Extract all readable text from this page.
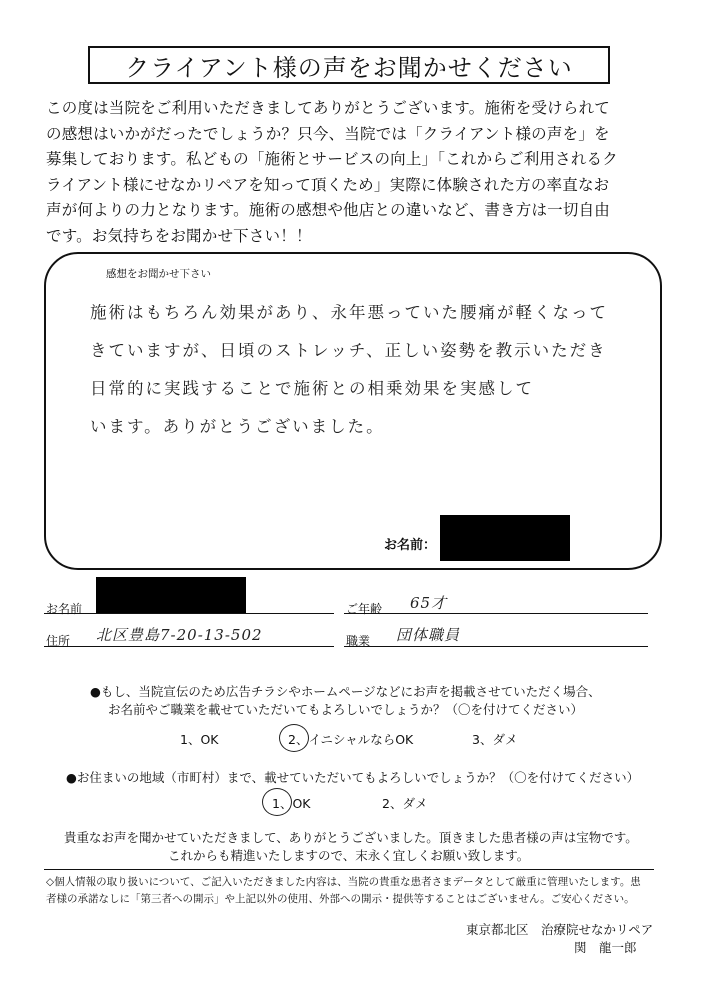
クライアント様の声をお聞かせください
この度は当院をご利用いただきましてありがとうございます。施術を受けられて
の感想はいかがだったでしょうか？只今、当院では「クライアント様の声を」を
募集しております。私どもの「施術とサービスの向上」「これからご利用されるク
ライアント様にせなかリペアを知って頂くため」実際に体験された方の率直なお
声が何よりの力となります。施術の感想や他店との違いなど、書き方は一切自由
です。お気持ちをお聞かせ下さい！！
感想をお聞かせ下さい
施術はもちろん効果があり、永年悪っていた腰痛が軽くなって
きていますが、日頃のストレッチ、正しい姿勢を教示いただき
日常的に実践することで施術との相乗効果を実感して
います。ありがとうございました。
お名前：
お名前	ご年齢 65才
住所 北区豊島7-20-13-502	職業 団体職員
●もし、当院宣伝のため広告チラシやホームページなどにお声を掲載させていただく場合、
お名前やご職業を載せていただいてもよろしいでしょうか？（〇を付けてください）
1、OK	2、イニシャルならOK	3、ダメ
●お住まいの地域（市町村）まで、載せていただいてもよろしいでしょうか？（〇を付けてください）
1、OK	2、ダメ
貴重なお声を聞かせていただきまして、ありがとうございました。頂きました患者様の声は宝物です。
これからも精進いたしますので、末永く宜しくお願い致します。
◇個人情報の取り扱いについて、ご記入いただきました内容は、当院の貴重な患者さまデータとして厳重に管理いたします。患
者様の承諾なしに「第三者への開示」や上記以外の使用、外部への開示・提供等することはございません。ご安心ください。
東京都北区　治療院せなかリペア
関　龍一郎
